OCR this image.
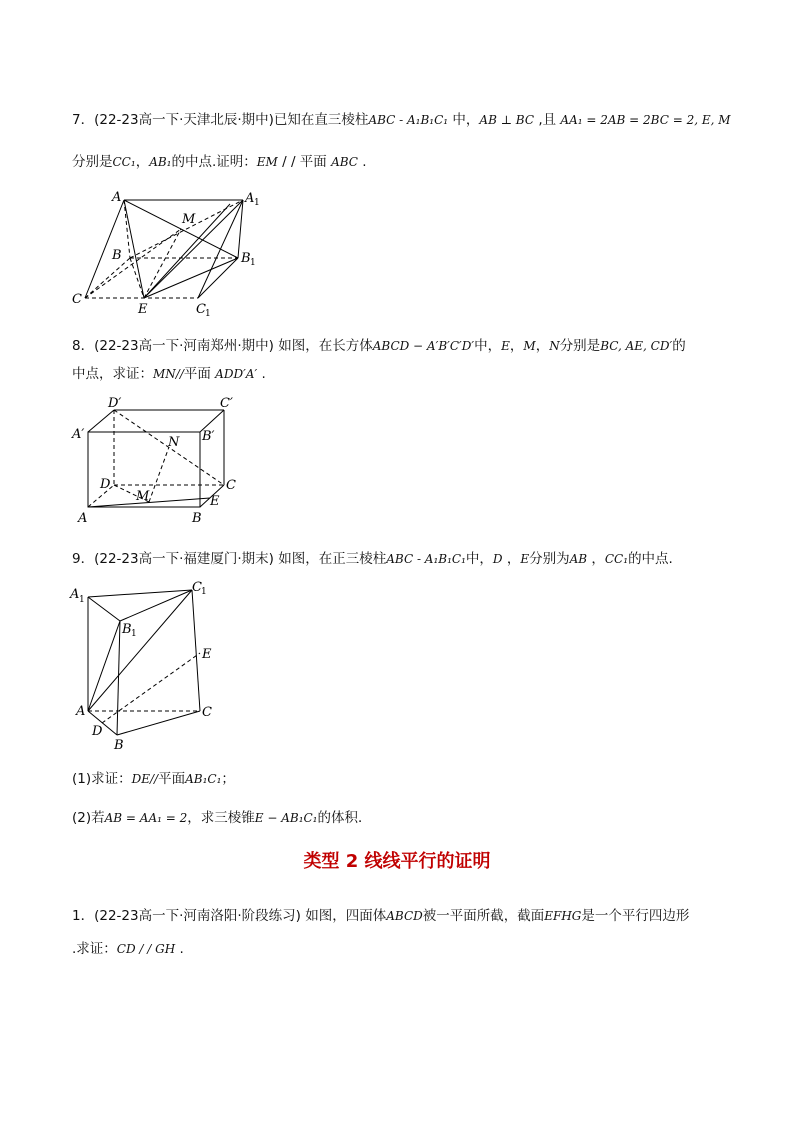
7．(22-23高一下·天津北辰·期中)已知在直三棱柱ABC - A₁B₁C₁ 中，AB ⊥ BC ,且 AA₁ = 2AB = 2BC = 2, E, M
分别是CC₁，AB₁的中点.证明：EM / / 平面 ABC .
A	A 1
M
B	B 1
C
E	C 1
8．(22-23高一下·河南郑州·期中) 如图，在长方体ABCD − A′B′C′D′中，E，M，N分别是BC, AE, CD′的
中点，求证：MN//平面 ADD′A′ .
D′	C′
A′	B′
N
D	C
M	E
A	B
9．(22-23高一下·福建厦门·期末) 如图，在正三棱柱ABC - A₁B₁C₁中，D ，E分别为AB ，CC₁的中点.
A 1
C 1
B 1
E
A	C
D
B
(1)求证：DE//平面AB₁C₁；
(2)若AB = AA₁ = 2，求三棱锥E − AB₁C₁的体积．
类型 2 线线平行的证明
1．(22-23高一下·河南洛阳·阶段练习) 如图，四面体ABCD被一平面所截，截面EFHG是一个平行四边形
.求证：CD / / GH .
